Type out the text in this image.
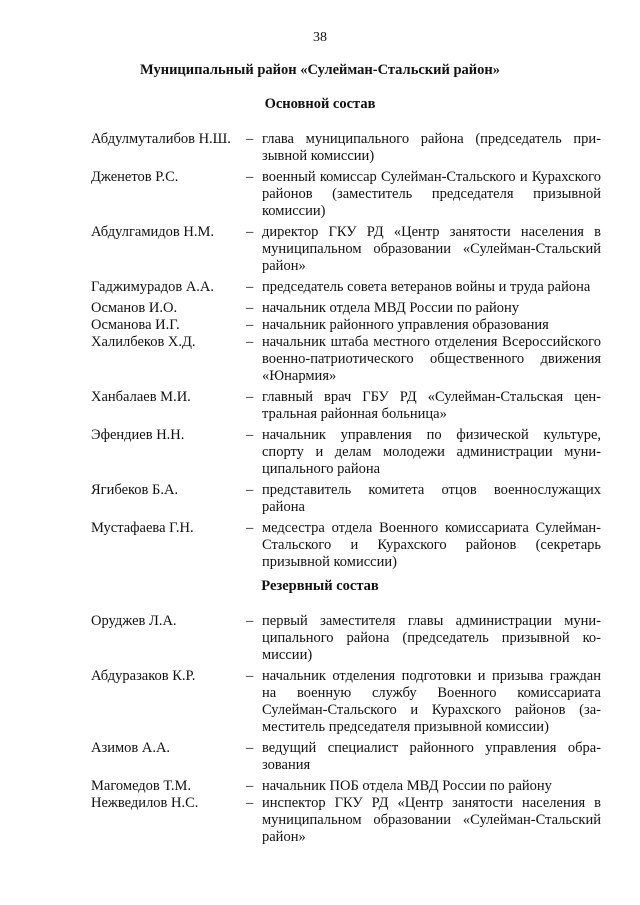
38
Муниципальный район «Сулейман-Стальский район»
Основной состав
Абдулмуталибов Н.Ш.	– глава муниципального района (председатель призывной комиссии)
Дженетов Р.С.	– военный комиссар Сулейман-Стальского и Курахского районов (заместитель председателя призывной комиссии)
Абдулгамидов Н.М.	– директор ГКУ РД «Центр занятости населения в муниципальном образовании «Сулейман-Стальский район»
Гаджимурадов А.А.	– председатель совета ветеранов войны и труда района
Османов И.О.	– начальник отдела МВД России по району
Османова И.Г.	– начальник районного управления образования
Халилбеков Х.Д.	– начальник штаба местного отделения Всероссийского военно-патриотического общественного движения «Юнармия»
Ханбалаев М.И.	– главный врач ГБУ РД «Сулейман-Стальская центральная районная больница»
Эфендиев Н.Н.	– начальник управления по физической культуре, спорту и делам молодежи администрации муниципального района
Ягибеков Б.А.	– представитель комитета отцов военнослужащих района
Мустафаева Г.Н.	– медсестра отдела Военного комиссариата Сулейман-Стальского и Курахского районов (секретарь призывной комиссии)
Резервный состав
Оруджев Л.А.	– первый заместителя главы администрации муниципального района (председатель призывной комиссии)
Абдуразаков К.Р.	– начальник отделения подготовки и призыва граждан на военную службу Военного комиссариата Сулейман-Стальского и Курахского районов (заместитель председателя призывной комиссии)
Азимов А.А.	– ведущий специалист районного управления образования
Магомедов Т.М.	– начальник ПОБ отдела МВД России по району
Нежведилов Н.С.	– инспектор ГКУ РД «Центр занятости населения в муниципальном образовании «Сулейман-Стальский район»
